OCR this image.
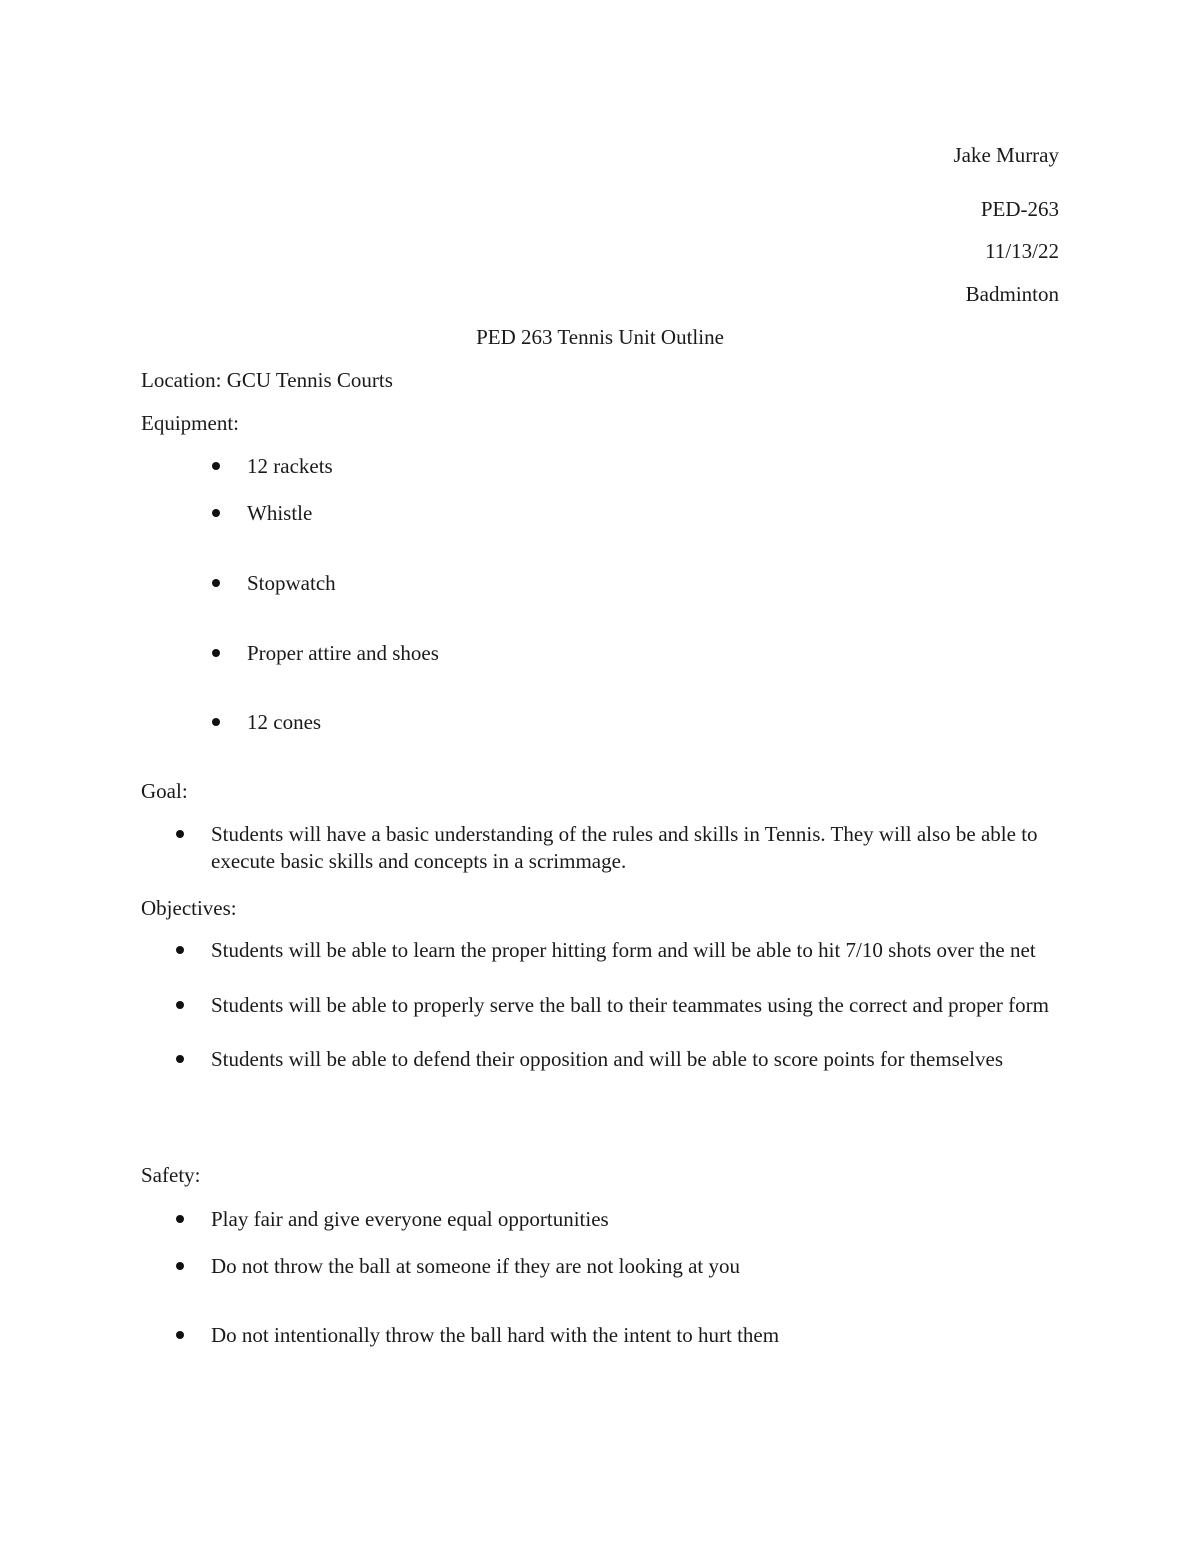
Jake Murray
PED-263
11/13/22
Badminton
PED 263 Tennis Unit Outline
Location: GCU Tennis Courts
Equipment:
12 rackets
Whistle
Stopwatch
Proper attire and shoes
12 cones
Goal:
Students will have a basic understanding of the rules and skills in Tennis. They will also be able to execute basic skills and concepts in a scrimmage.
Objectives:
Students will be able to learn the proper hitting form and will be able to hit 7/10 shots over the net
Students will be able to properly serve the ball to their teammates using the correct and proper form
Students will be able to defend their opposition and will be able to score points for themselves
Safety:
Play fair and give everyone equal opportunities
Do not throw the ball at someone if they are not looking at you
Do not intentionally throw the ball hard with the intent to hurt them
